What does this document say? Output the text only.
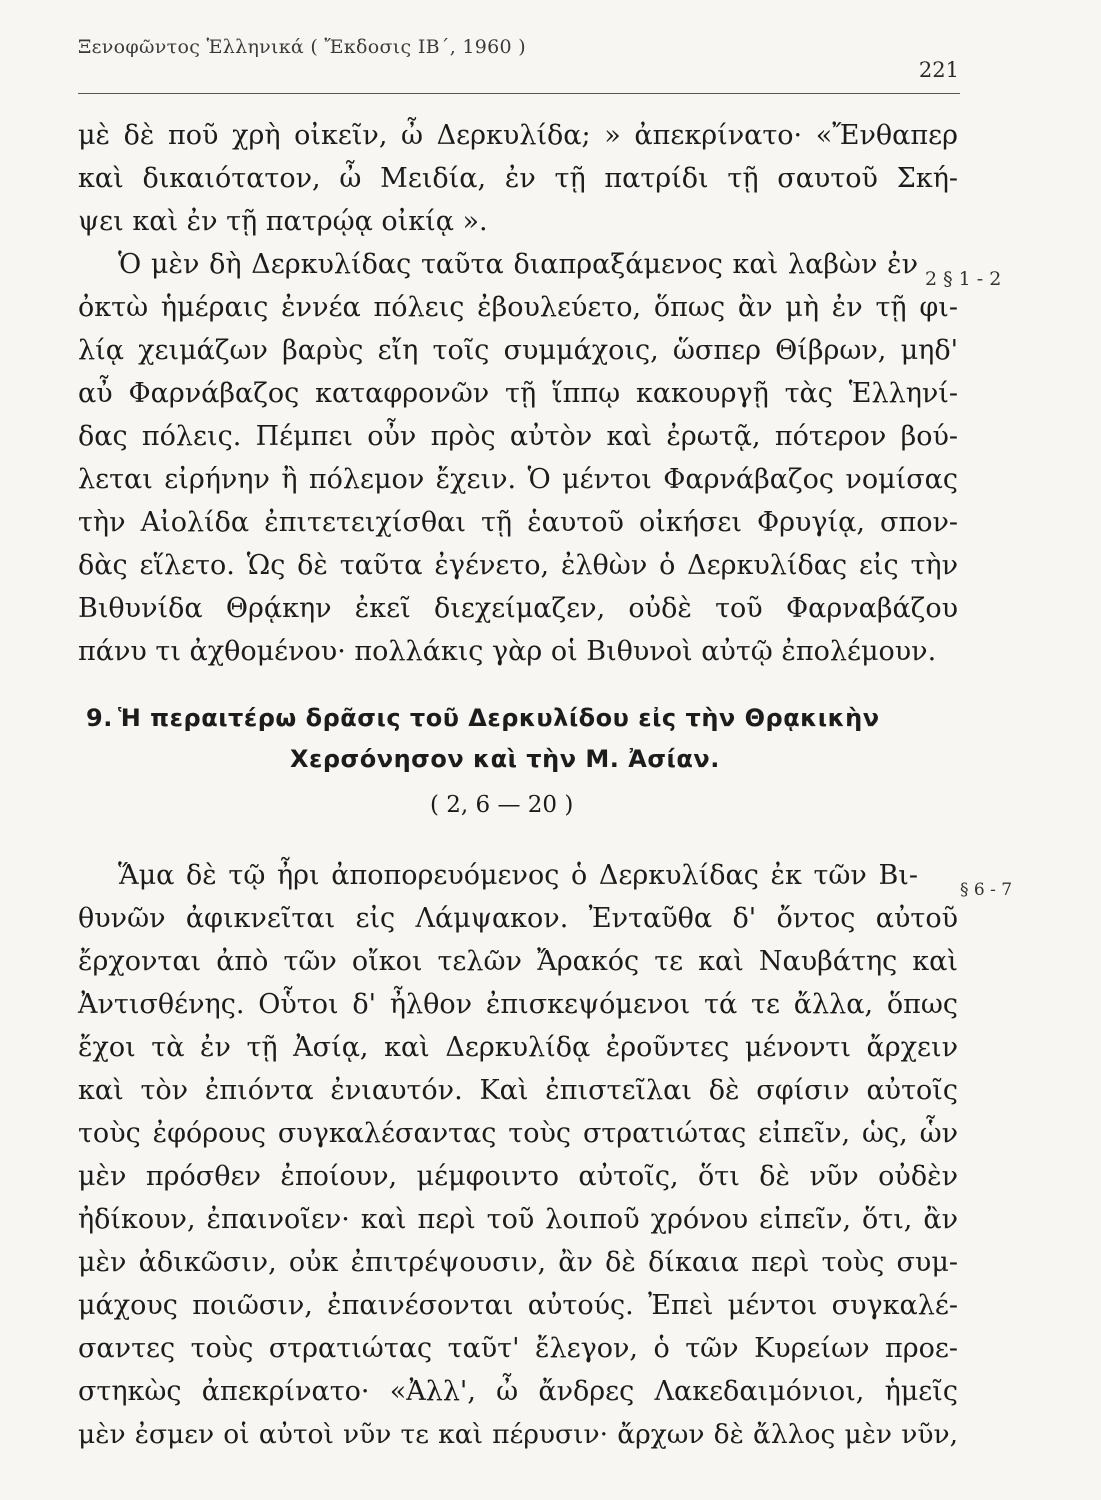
Ξενοφῶντος Ἑλληνικά ( Ἔκδοσις ΙΒ΄, 1960 )
221
μὲ δὲ ποῦ χρὴ οἰκεῖν, ὦ Δερκυλίδα; » ἀπεκρίνατο· «Ἔνθαπερ
καὶ δικαιότατον, ὦ Μειδία, ἐν τῇ πατρίδι τῇ σαυτοῦ Σκή-
ψει καὶ ἐν τῇ πατρῴᾳ οἰκίᾳ ».
Ὁ μὲν δὴ Δερκυλίδας ταῦτα διαπραξάμενος καὶ λαβὼν ἐν 2 § 1 - 2
ὀκτὼ ἡμέραις ἐννέα πόλεις ἐβουλεύετο, ὅπως ἂν μὴ ἐν τῇ φι-
λίᾳ χειμάζων βαρὺς εἴη τοῖς συμμάχοις, ὥσπερ Θίβρων, μηδ'
αὖ Φαρνάβαζος καταφρονῶν τῇ ἵππῳ κακουργῇ τὰς Ἑλληνί-
δας πόλεις. Πέμπει οὖν πρὸς αὐτὸν καὶ ἐρωτᾷ, πότερον βού-
λεται εἰρήνην ἢ πόλεμον ἔχειν. Ὁ μέντοι Φαρνάβαζος νομίσας
τὴν Αἰολίδα ἐπιτετειχίσθαι τῇ ἑαυτοῦ οἰκήσει Φρυγίᾳ, σπον-
δὰς εἵλετο. Ὡς δὲ ταῦτα ἐγένετο, ἐλθὼν ὁ Δερκυλίδας εἰς τὴν
Βιθυνίδα Θρᾴκην ἐκεῖ διεχείμαζεν, οὐδὲ τοῦ Φαρναβάζου
πάνυ τι ἀχθομένου· πολλάκις γὰρ οἱ Βιθυνοὶ αὐτῷ ἐπολέμουν.
9. Ἡ περαιτέρω δρᾶσις τοῦ Δερκυλίδου εἰς τὴν Θρᾳκικὴν
Χερσόνησον καὶ τὴν Μ. Ἀσίαν.
( 2, 6 — 20 )
Ἅμα δὲ τῷ ἦρι ἀποπορευόμενος ὁ Δερκυλίδας ἐκ τῶν Βι- § 6 - 7
θυνῶν ἀφικνεῖται εἰς Λάμψακον. Ἐνταῦθα δ' ὄντος αὐτοῦ
ἔρχονται ἀπὸ τῶν οἴκοι τελῶν Ἄρακός τε καὶ Ναυβάτης καὶ
Ἀντισθένης. Οὗτοι δ' ἦλθον ἐπισκεψόμενοι τά τε ἄλλα, ὅπως
ἔχοι τὰ ἐν τῇ Ἀσίᾳ, καὶ Δερκυλίδᾳ ἐροῦντες μένοντι ἄρχειν
καὶ τὸν ἐπιόντα ἐνιαυτόν. Καὶ ἐπιστεῖλαι δὲ σφίσιν αὐτοῖς
τοὺς ἐφόρους συγκαλέσαντας τοὺς στρατιώτας εἰπεῖν, ὡς, ὧν
μὲν πρόσθεν ἐποίουν, μέμφοιντο αὐτοῖς, ὅτι δὲ νῦν οὐδὲν
ἠδίκουν, ἐπαινοῖεν· καὶ περὶ τοῦ λοιποῦ χρόνου εἰπεῖν, ὅτι, ἂν
μὲν ἀδικῶσιν, οὐκ ἐπιτρέψουσιν, ἂν δὲ δίκαια περὶ τοὺς συμ-
μάχους ποιῶσιν, ἐπαινέσονται αὐτούς. Ἐπεὶ μέντοι συγκαλέ-
σαντες τοὺς στρατιώτας ταῦτ' ἔλεγον, ὁ τῶν Κυρείων προε-
στηκὼς ἀπεκρίνατο· «Ἀλλ', ὦ ἄνδρες Λακεδαιμόνιοι, ἡμεῖς
μὲν ἐσμεν οἱ αὐτοὶ νῦν τε καὶ πέρυσιν· ἄρχων δὲ ἄλλος μὲν νῦν,
